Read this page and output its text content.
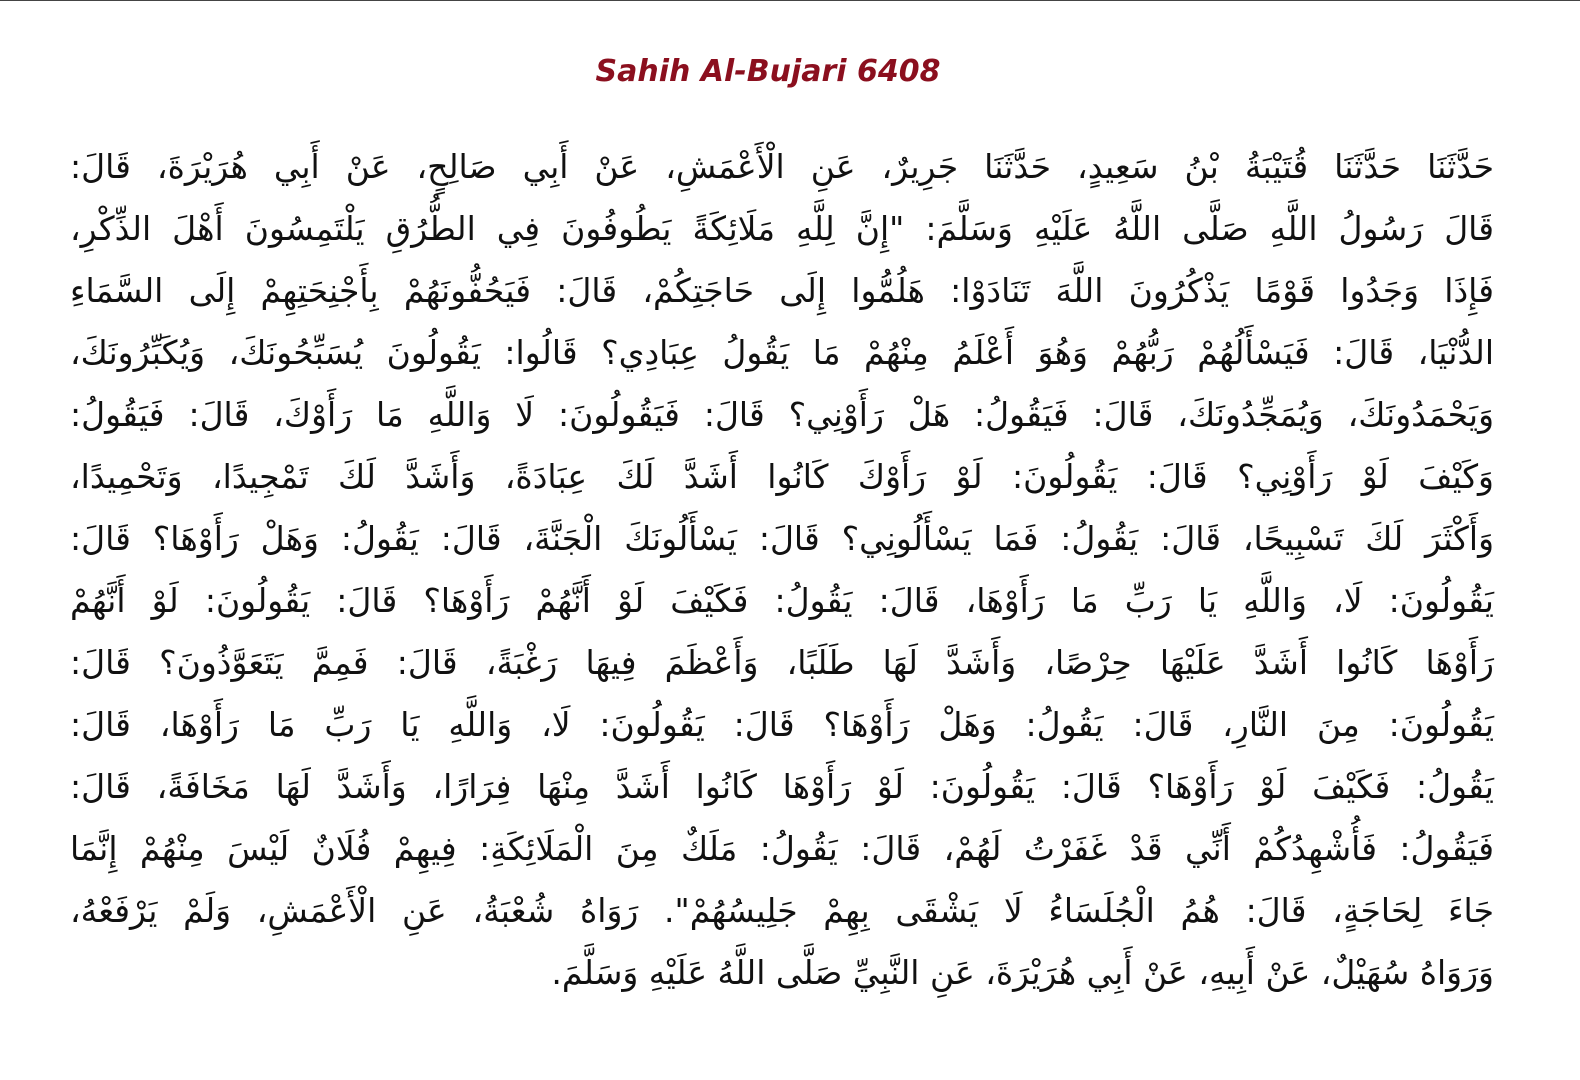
Sahih Al-Bujari 6408
حَدَّثَنَا حَدَّثَنَا قُتَيْبَةُ بْنُ سَعِيدٍ، حَدَّثَنَا جَرِيرٌ، عَنِ الْأَعْمَشِ، عَنْ أَبِي صَالِحٍ، عَنْ أَبِي هُرَيْرَةَ، قَالَ:
قَالَ رَسُولُ اللَّهِ صَلَّى اللَّهُ عَلَيْهِ وَسَلَّمَ: "إِنَّ لِلَّهِ مَلَائِكَةً يَطُوفُونَ فِي الطُّرُقِ يَلْتَمِسُونَ أَهْلَ الذِّكْرِ،
فَإِذَا وَجَدُوا قَوْمًا يَذْكُرُونَ اللَّهَ تَنَادَوْا: هَلُمُّوا إِلَى حَاجَتِكُمْ، قَالَ: فَيَحُفُّونَهُمْ بِأَجْنِحَتِهِمْ إِلَى السَّمَاءِ
الدُّنْيَا، قَالَ: فَيَسْأَلُهُمْ رَبُّهُمْ وَهُوَ أَعْلَمُ مِنْهُمْ مَا يَقُولُ عِبَادِي؟ قَالُوا: يَقُولُونَ يُسَبِّحُونَكَ، وَيُكَبِّرُونَكَ،
وَيَحْمَدُونَكَ، وَيُمَجِّدُونَكَ، قَالَ: فَيَقُولُ: هَلْ رَأَوْنِي؟ قَالَ: فَيَقُولُونَ: لَا وَاللَّهِ مَا رَأَوْكَ، قَالَ: فَيَقُولُ:
وَكَيْفَ لَوْ رَأَوْنِي؟ قَالَ: يَقُولُونَ: لَوْ رَأَوْكَ كَانُوا أَشَدَّ لَكَ عِبَادَةً، وَأَشَدَّ لَكَ تَمْجِيدًا، وَتَحْمِيدًا،
وَأَكْثَرَ لَكَ تَسْبِيحًا، قَالَ: يَقُولُ: فَمَا يَسْأَلُونِي؟ قَالَ: يَسْأَلُونَكَ الْجَنَّةَ، قَالَ: يَقُولُ: وَهَلْ رَأَوْهَا؟ قَالَ:
يَقُولُونَ: لَا، وَاللَّهِ يَا رَبِّ مَا رَأَوْهَا، قَالَ: يَقُولُ: فَكَيْفَ لَوْ أَنَّهُمْ رَأَوْهَا؟ قَالَ: يَقُولُونَ: لَوْ أَنَّهُمْ
رَأَوْهَا كَانُوا أَشَدَّ عَلَيْهَا حِرْصًا، وَأَشَدَّ لَهَا طَلَبًا، وَأَعْظَمَ فِيهَا رَغْبَةً، قَالَ: فَمِمَّ يَتَعَوَّذُونَ؟ قَالَ:
يَقُولُونَ: مِنَ النَّارِ، قَالَ: يَقُولُ: وَهَلْ رَأَوْهَا؟ قَالَ: يَقُولُونَ: لَا، وَاللَّهِ يَا رَبِّ مَا رَأَوْهَا، قَالَ:
يَقُولُ: فَكَيْفَ لَوْ رَأَوْهَا؟ قَالَ: يَقُولُونَ: لَوْ رَأَوْهَا كَانُوا أَشَدَّ مِنْهَا فِرَارًا، وَأَشَدَّ لَهَا مَخَافَةً، قَالَ:
فَيَقُولُ: فَأُشْهِدُكُمْ أَنِّي قَدْ غَفَرْتُ لَهُمْ، قَالَ: يَقُولُ: مَلَكٌ مِنَ الْمَلَائِكَةِ: فِيهِمْ فُلَانٌ لَيْسَ مِنْهُمْ إِنَّمَا
جَاءَ لِحَاجَةٍ، قَالَ: هُمُ الْجُلَسَاءُ لَا يَشْقَى بِهِمْ جَلِيسُهُمْ". رَوَاهُ شُعْبَةُ، عَنِ الْأَعْمَشِ، وَلَمْ يَرْفَعْهُ،
وَرَوَاهُ سُهَيْلٌ، عَنْ أَبِيهِ، عَنْ أَبِي هُرَيْرَةَ، عَنِ النَّبِيِّ صَلَّى اللَّهُ عَلَيْهِ وَسَلَّمَ.
